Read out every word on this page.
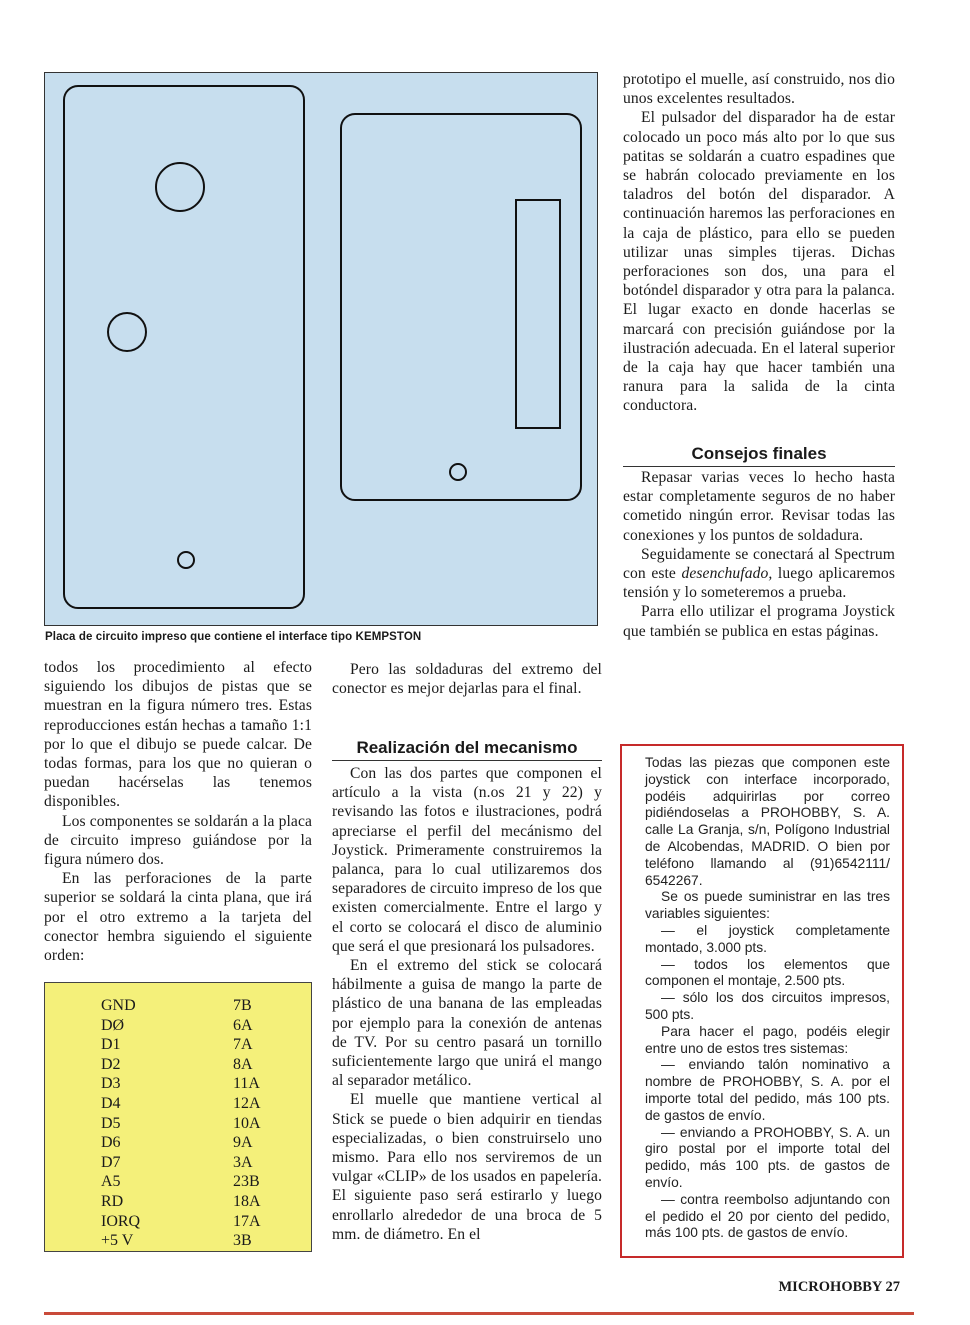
Placa de circuito impreso que contiene el interface tipo KEMPSTON

prototipo el muelle, así construido, nos dio unos excelentes resultados.

El pulsador del disparador ha de estar colocado un poco más alto por lo que sus patitas se soldarán a cuatro espadines que se habrán colocado previamente en los taladros del botón del disparador. A continuación haremos las perforaciones en la caja de plástico, para ello se pueden utilizar unas simples tijeras. Dichas perforaciones son dos, una para el botóndel disparador y otra para la palanca. El lugar exacto en donde hacerlas se marcará con precisión guiándose por la ilustración adecuada. En el lateral superior de la caja hay que hacer también una ranura para la salida de la cinta conductora.

Consejos finales

Repasar varias veces lo hecho hasta estar completamente seguros de no haber cometido ningún error. Revisar todas las conexiones y los puntos de soldadura.

Seguidamente se conectará al Spectrum con este desenchufado, luego aplicaremos tensión y lo someteremos a prueba.

Parra ello utilizar el programa Joystick que también se publica en estas páginas.

todos los procedimiento al efecto siguiendo los dibujos de pistas que se muestran en la figura número tres. Estas reproducciones están hechas a tamaño 1:1 por lo que el dibujo se puede calcar. De todas formas, para los que no quieran o puedan hacérselas las tenemos disponibles.

Los componentes se soldarán a la placa de circuito impreso guiándose por la figura número dos.

En las perforaciones de la parte superior se soldará la cinta plana, que irá por el otro extremo a la tarjeta del conector hembra siguiendo el siguiente orden:

GND	7B
DØ	6A
D1	7A
D2	8A
D3	11A
D4	12A
D5	10A
D6	9A
D7	3A
A5	23B
RD	18A
IORQ	17A
+5 V	3B

Pero las soldaduras del extremo del conector es mejor dejarlas para el final.

Realización del mecanismo

Con las dos partes que componen el artículo a la vista (n.os 21 y 22) y revisando las fotos e ilustraciones, podrá apreciarse el perfil del mecánismo del Joystick. Primeramente construiremos la palanca, para lo cual utilizaremos dos separadores de circuito impreso de los que existen comercialmente. Entre el largo y el corto se colocará el disco de aluminio que será el que presionará los pulsadores.

En el extremo del stick se colocará hábilmente a guisa de mango la parte de plástico de una banana de las empleadas por ejemplo para la conexión de antenas de TV. Por su centro pasará un tornillo suficientemente largo que unirá el mango al separador metálico.

El muelle que mantiene vertical al Stick se puede o bien adquirir en tiendas especializadas, o bien construirselo uno mismo. Para ello nos serviremos de un vulgar «CLIP» de los usados en papelería. El siguiente paso será estirarlo y luego enrollarlo alrededor de una broca de 5 mm. de diámetro. En el

Todas las piezas que componen este joystick con interface incorporado, podéis adquirirlas por correo pidiéndoselas a PROHOBBY, S. A. calle La Granja, s/n, Polígono Industrial de Alcobendas, MADRID. O bien por teléfono llamando al (91)6542111/ 6542267.

Se os puede suministrar en las tres variables siguientes:

— el joystick completamente montado, 3.000 pts.

— todos los elementos que componen el montaje, 2.500 pts.

— sólo los dos circuitos impresos, 500 pts.

Para hacer el pago, podéis elegir entre uno de estos tres sistemas:

— enviando talón nominativo a nombre de PROHOBBY, S. A. por el importe total del pedido, más 100 pts. de gastos de envío.

— enviando a PROHOBBY, S. A. un giro postal por el importe total del pedido, más 100 pts. de gastos de envío.

— contra reembolso adjuntando con el pedido el 20 por ciento del pedido, más 100 pts. de gastos de envío.

MICROHOBBY 27
